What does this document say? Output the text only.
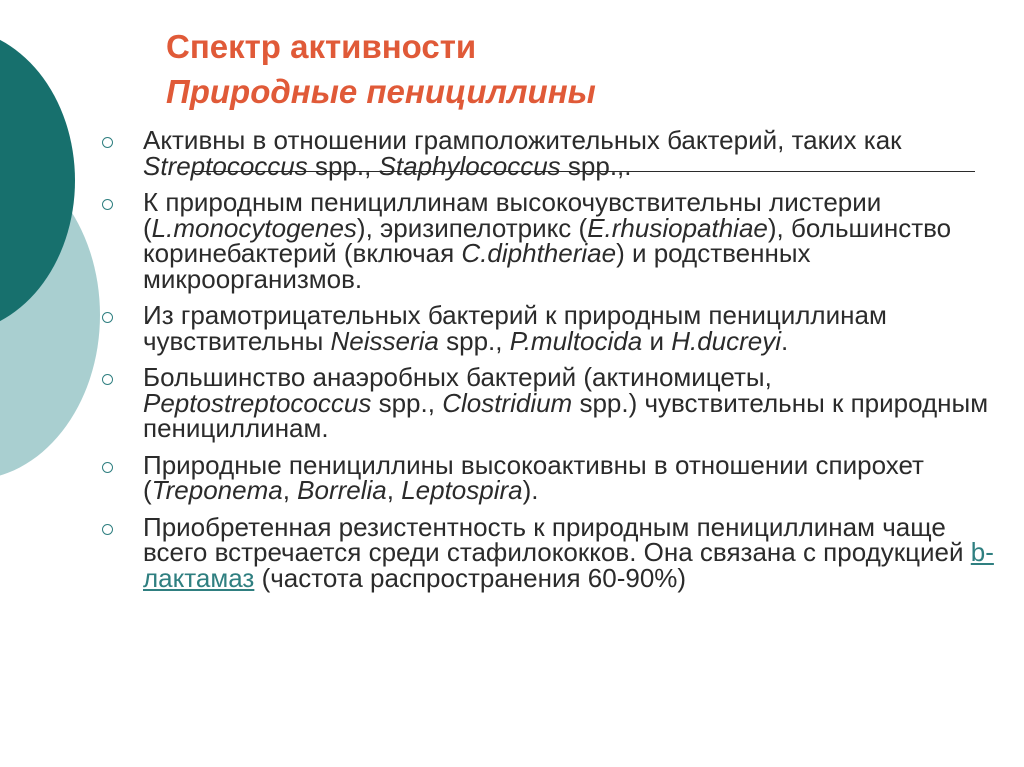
Спектр активности
Природные пенициллины
Активны в отношении грамположительных бактерий, таких как Streptococcus spp., Staphylococcus spp.,.
К природным пенициллинам высокочувствительны листерии (L.monocytogenes), эризипелотрикс (E.rhusiopathiae), большинство коринебактерий (включая C.diphtheriae) и родственных микроорганизмов.
Из грамотрицательных бактерий к природным пенициллинам чувствительны Neisseria spp., P.multocida и H.ducreyi.
Большинство анаэробных бактерий (актиномицеты, Peptostreptococcus spp., Clostridium spp.) чувствительны к природным пенициллинам.
Природные пенициллины высокоактивны в отношении спирохет (Treponema, Borrelia, Leptospira).
Приобретенная резистентность к природным пенициллинам чаще всего встречается среди стафилококков. Она связана с продукцией b-лактамаз (частота распространения 60-90%)
